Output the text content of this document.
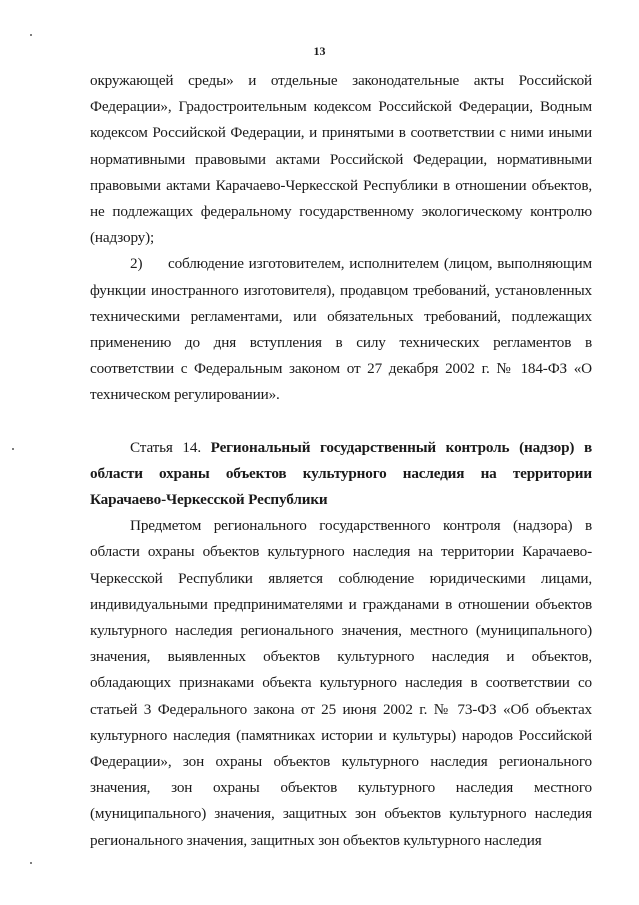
13

окружающей среды» и отдельные законодательные акты Российской Федерации», Градостроительным кодексом Российской Федерации, Водным кодексом Российской Федерации, и принятыми в соответствии с ними иными нормативными правовыми актами Российской Федерации, нормативными правовыми актами Карачаево-Черкесской Республики в отношении объектов, не подлежащих федеральному государственному экологическому контролю (надзору);

2) соблюдение изготовителем, исполнителем (лицом, выполняющим функции иностранного изготовителя), продавцом требований, установленных техническими регламентами, или обязательных требований, подлежащих применению до дня вступления в силу технических регламентов в соответствии с Федеральным законом от 27 декабря 2002 г. № 184-ФЗ «О техническом регулировании».

Статья 14. Региональный государственный контроль (надзор) в области охраны объектов культурного наследия на территории Карачаево-Черкесской Республики

Предметом регионального государственного контроля (надзора) в области охраны объектов культурного наследия на территории Карачаево-Черкесской Республики является соблюдение юридическими лицами, индивидуальными предпринимателями и гражданами в отношении объектов культурного наследия регионального значения, местного (муниципального) значения, выявленных объектов культурного наследия и объектов, обладающих признаками объекта культурного наследия в соответствии со статьей 3 Федерального закона от 25 июня 2002 г. № 73-ФЗ «Об объектах культурного наследия (памятниках истории и культуры) народов Российской Федерации», зон охраны объектов культурного наследия регионального значения, зон охраны объектов культурного наследия местного (муниципального) значения, защитных зон объектов культурного наследия регионального значения, защитных зон объектов культурного наследия
